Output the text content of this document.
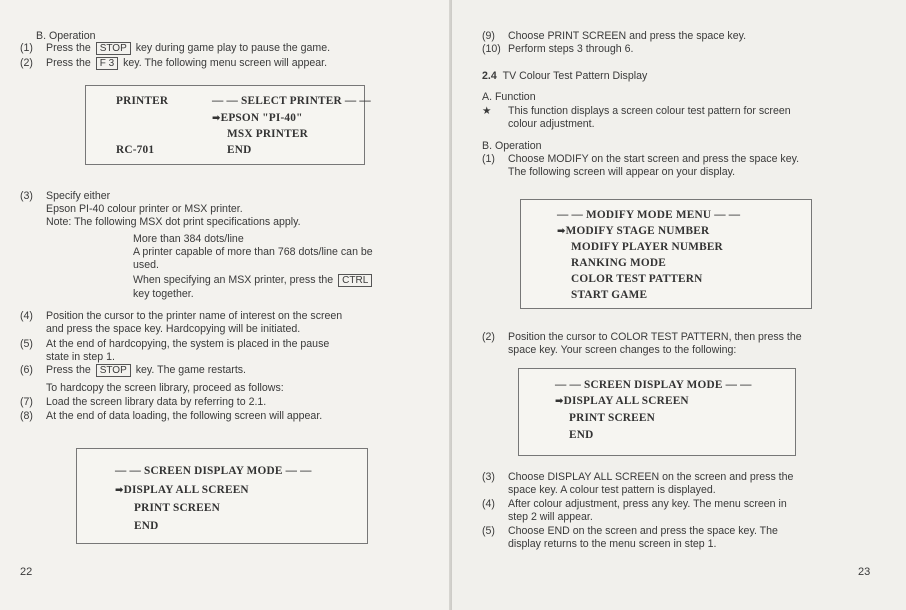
B. Operation
(1) Press the STOP key during game play to pause the game.
(2) Press the F 3 key. The following menu screen will appear.
PRINTER	— — SELECT PRINTER — —
➡EPSON "PI-40"
MSX PRINTER
RC-701	END
(3) Specify either
Epson PI-40 colour printer or MSX printer.
Note: The following MSX dot print specifications apply.
More than 384 dots/line
A printer capable of more than 768 dots/line can be
used.
When specifying an MSX printer, press the CTRL
key together.
(4) Position the cursor to the printer name of interest on the screen
and press the space key. Hardcopying will be initiated.
(5) At the end of hardcopying, the system is placed in the pause
state in step 1.
(6) Press the STOP key. The game restarts.
To hardcopy the screen library, proceed as follows:
(7) Load the screen library data by referring to 2.1.
(8) At the end of data loading, the following screen will appear.
— — SCREEN DISPLAY MODE — —
➡DISPLAY ALL SCREEN
PRINT SCREEN
END
22
(9) Choose PRINT SCREEN and press the space key.
(10) Perform steps 3 through 6.
2.4 TV Colour Test Pattern Display
A. Function
★ This function displays a screen colour test pattern for screen
colour adjustment.
B. Operation
(1) Choose MODIFY on the start screen and press the space key.
The following screen will appear on your display.
— — MODIFY MODE MENU — —
➡MODIFY STAGE NUMBER
MODIFY PLAYER NUMBER
RANKING MODE
COLOR TEST PATTERN
START GAME
(2) Position the cursor to COLOR TEST PATTERN, then press the
space key. Your screen changes to the following:
— — SCREEN DISPLAY MODE — —
➡DISPLAY ALL SCREEN
PRINT SCREEN
END
(3) Choose DISPLAY ALL SCREEN on the screen and press the
space key. A colour test pattern is displayed.
(4) After colour adjustment, press any key. The menu screen in
step 2 will appear.
(5) Choose END on the screen and press the space key. The
display returns to the menu screen in step 1.
23
